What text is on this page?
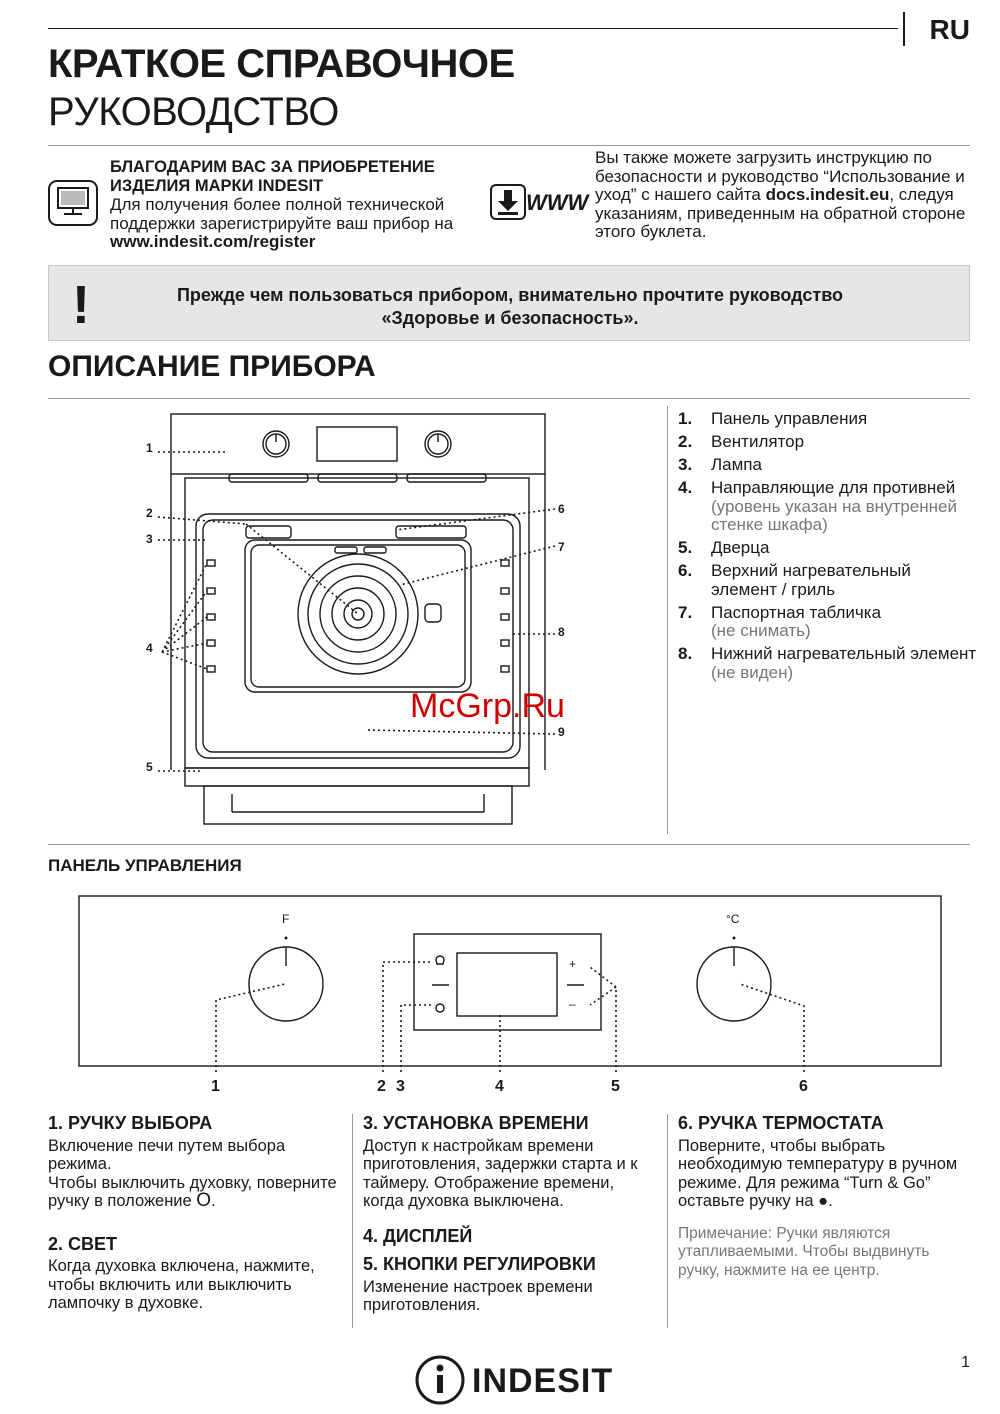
RU
КРАТКОЕ СПРАВОЧНОЕ
РУКОВОДСТВО
БЛАГОДАРИМ ВАС ЗА ПРИОБРЕТЕНИЕ ИЗДЕЛИЯ МАРКИ INDESIT
Для получения более полной технической поддержки зарегистрируйте ваш прибор на www.indesit.com/register
WWW
Вы также можете загрузить инструкцию по безопасности и руководство “Использование и уход” с нашего сайта docs.indesit.eu, следуя указаниям, приведенным на обратной стороне этого буклета.
!	Прежде чем пользоваться прибором, внимательно прочтите руководство
«Здоровье и безопасность».
ОПИСАНИЕ ПРИБОРА
1
2
3
4
5
6
7
8
9
1. Панель управления
2. Вентилятор
3. Лампа
4. Направляющие для противней
(уровень указан на внутренней стенке шкафа)
5. Дверца
6. Верхний нагревательный элемент / гриль
7. Паспортная табличка
(не снимать)
8. Нижний нагревательный элемент
(не виден)
McGrp.Ru
ПАНЕЛЬ УПРАВЛЕНИЯ
F	°C
+
–
1	2 3	4	5	6
1. РУЧКУ ВЫБОРА
Включение печи путем выбора режима.
Чтобы выключить духовку, поверните ручку в положение O.
2. СВЕТ
Когда духовка включена, нажмите, чтобы включить или выключить лампочку в духовке.
3. УСТАНОВКА ВРЕМЕНИ
Доступ к настройкам времени приготовления, задержки старта и к таймеру. Отображение времени, когда духовка выключена.
4. ДИСПЛЕЙ
5. КНОПКИ РЕГУЛИРОВКИ
Изменение настроек времени приготовления.
6. РУЧКА ТЕРМОСТАТА
Поверните, чтобы выбрать необходимую температуру в ручном режиме. Для режима “Turn & Go” оставьте ручку на ●.
Примечание: Ручки являются утапливаемыми. Чтобы выдвинуть ручку, нажмите на ее центр.
1
INDESIT
